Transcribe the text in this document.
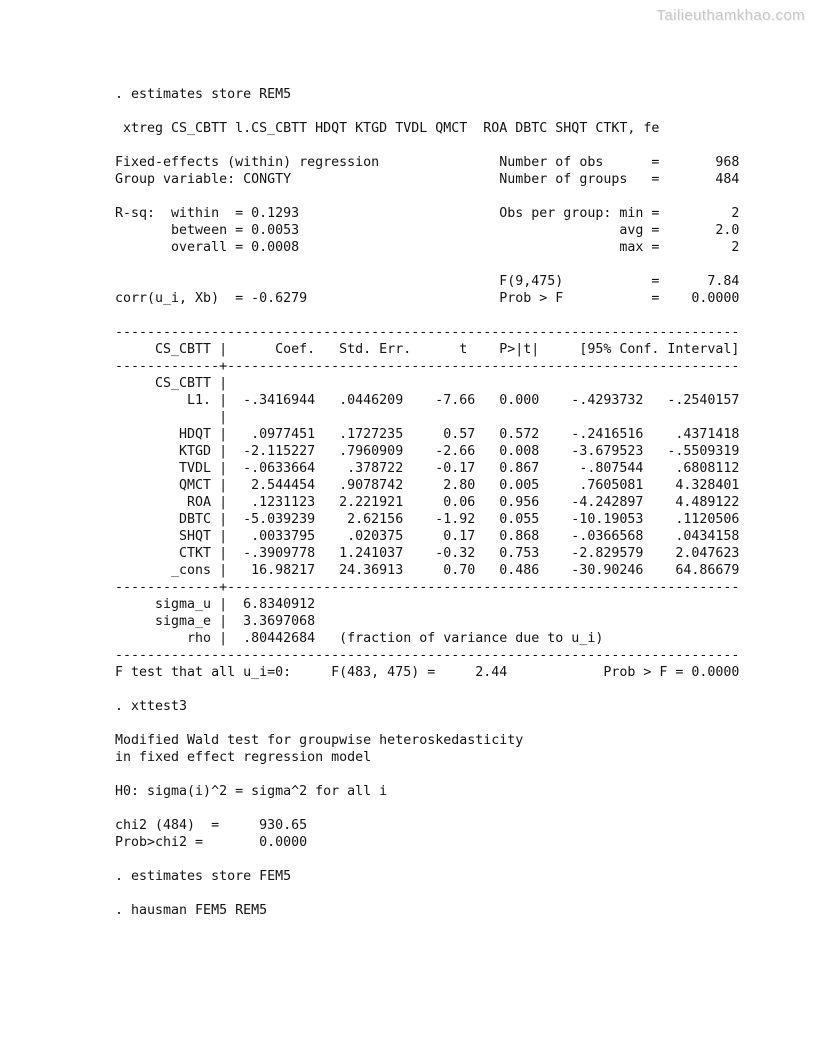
Tailieuthamkhao.com
. estimates store REM5

xtreg CS_CBTT l.CS_CBTT HDQT KTGD TVDL QMCT  ROA DBTC SHQT CTKT, fe

Fixed-effects (within) regression               Number of obs      =       968
Group variable: CONGTY                          Number of groups   =       484

R-sq:  within  = 0.1293                         Obs per group: min =         2
between = 0.0053                                        avg =       2.0
overall = 0.0008                                        max =         2

F(9,475)           =      7.84
corr(u_i, Xb)  = -0.6279                        Prob > F           =    0.0000

------------------------------------------------------------------------------
CS_CBTT |      Coef.   Std. Err.      t    P>|t|     [95% Conf. Interval]
-------------+----------------------------------------------------------------
CS_CBTT |
L1. |  -.3416944   .0446209    -7.66   0.000    -.4293732   -.2540157
|
HDQT |   .0977451   .1727235     0.57   0.572    -.2416516    .4371418
KTGD |  -2.115227   .7960909    -2.66   0.008    -3.679523   -.5509319
TVDL |  -.0633664    .378722    -0.17   0.867     -.807544    .6808112
QMCT |   2.544454   .9078742     2.80   0.005     .7605081    4.328401
ROA |   .1231123   2.221921     0.06   0.956    -4.242897    4.489122
DBTC |  -5.039239    2.62156    -1.92   0.055    -10.19053    .1120506
SHQT |   .0033795    .020375     0.17   0.868    -.0366568    .0434158
CTKT |  -.3909778   1.241037    -0.32   0.753    -2.829579    2.047623
_cons |   16.98217   24.36913     0.70   0.486    -30.90246    64.86679
-------------+----------------------------------------------------------------
sigma_u |  6.8340912
sigma_e |  3.3697068
rho |  .80442684   (fraction of variance due to u_i)
------------------------------------------------------------------------------
F test that all u_i=0:     F(483, 475) =     2.44            Prob > F = 0.0000

. xttest3

Modified Wald test for groupwise heteroskedasticity
in fixed effect regression model

H0: sigma(i)^2 = sigma^2 for all i

chi2 (484)  =     930.65
Prob>chi2 =       0.0000

. estimates store FEM5

. hausman FEM5 REM5
